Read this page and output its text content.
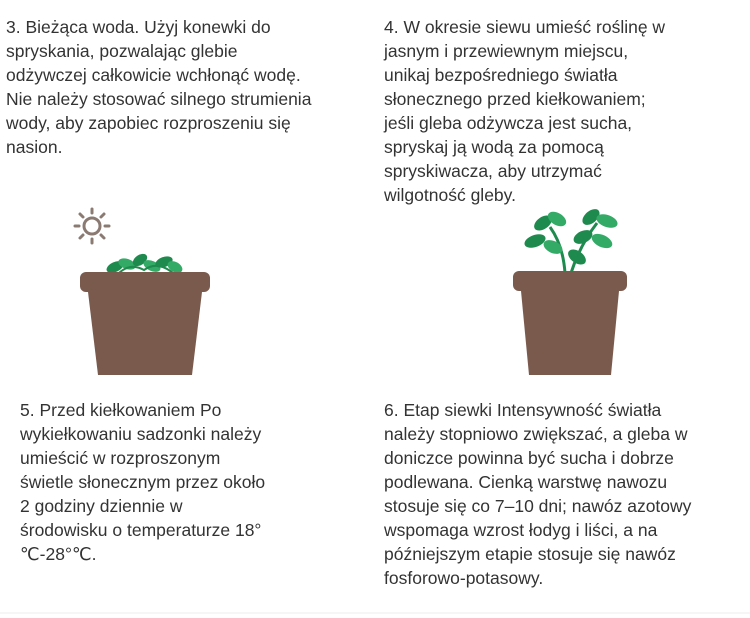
3. Bieżąca woda. Użyj konewki do
spryskania, pozwalając glebie
odżywczej całkowicie wchłonąć wodę.
Nie należy stosować silnego strumienia
wody, aby zapobiec rozproszeniu się
nasion.

4. W okresie siewu umieść roślinę w
jasnym i przewiewnym miejscu,
unikaj bezpośredniego światła
słonecznego przed kiełkowaniem;
jeśli gleba odżywcza jest sucha,
spryskaj ją wodą za pomocą
spryskiwacza, aby utrzymać
wilgotność gleby.

5. Przed kiełkowaniem Po
wykiełkowaniu sadzonki należy
umieścić w rozproszonym
świetle słonecznym przez około
2 godziny dziennie w
środowisku o temperaturze 18°
℃-28°℃.

6. Etap siewki Intensywność światła
należy stopniowo zwiększać, a gleba w
doniczce powinna być sucha i dobrze
podlewana. Cienką warstwę nawozu
stosuje się co 7–10 dni; nawóz azotowy
wspomaga wzrost łodyg i liści, a na
późniejszym etapie stosuje się nawóz
fosforowo-potasowy.
